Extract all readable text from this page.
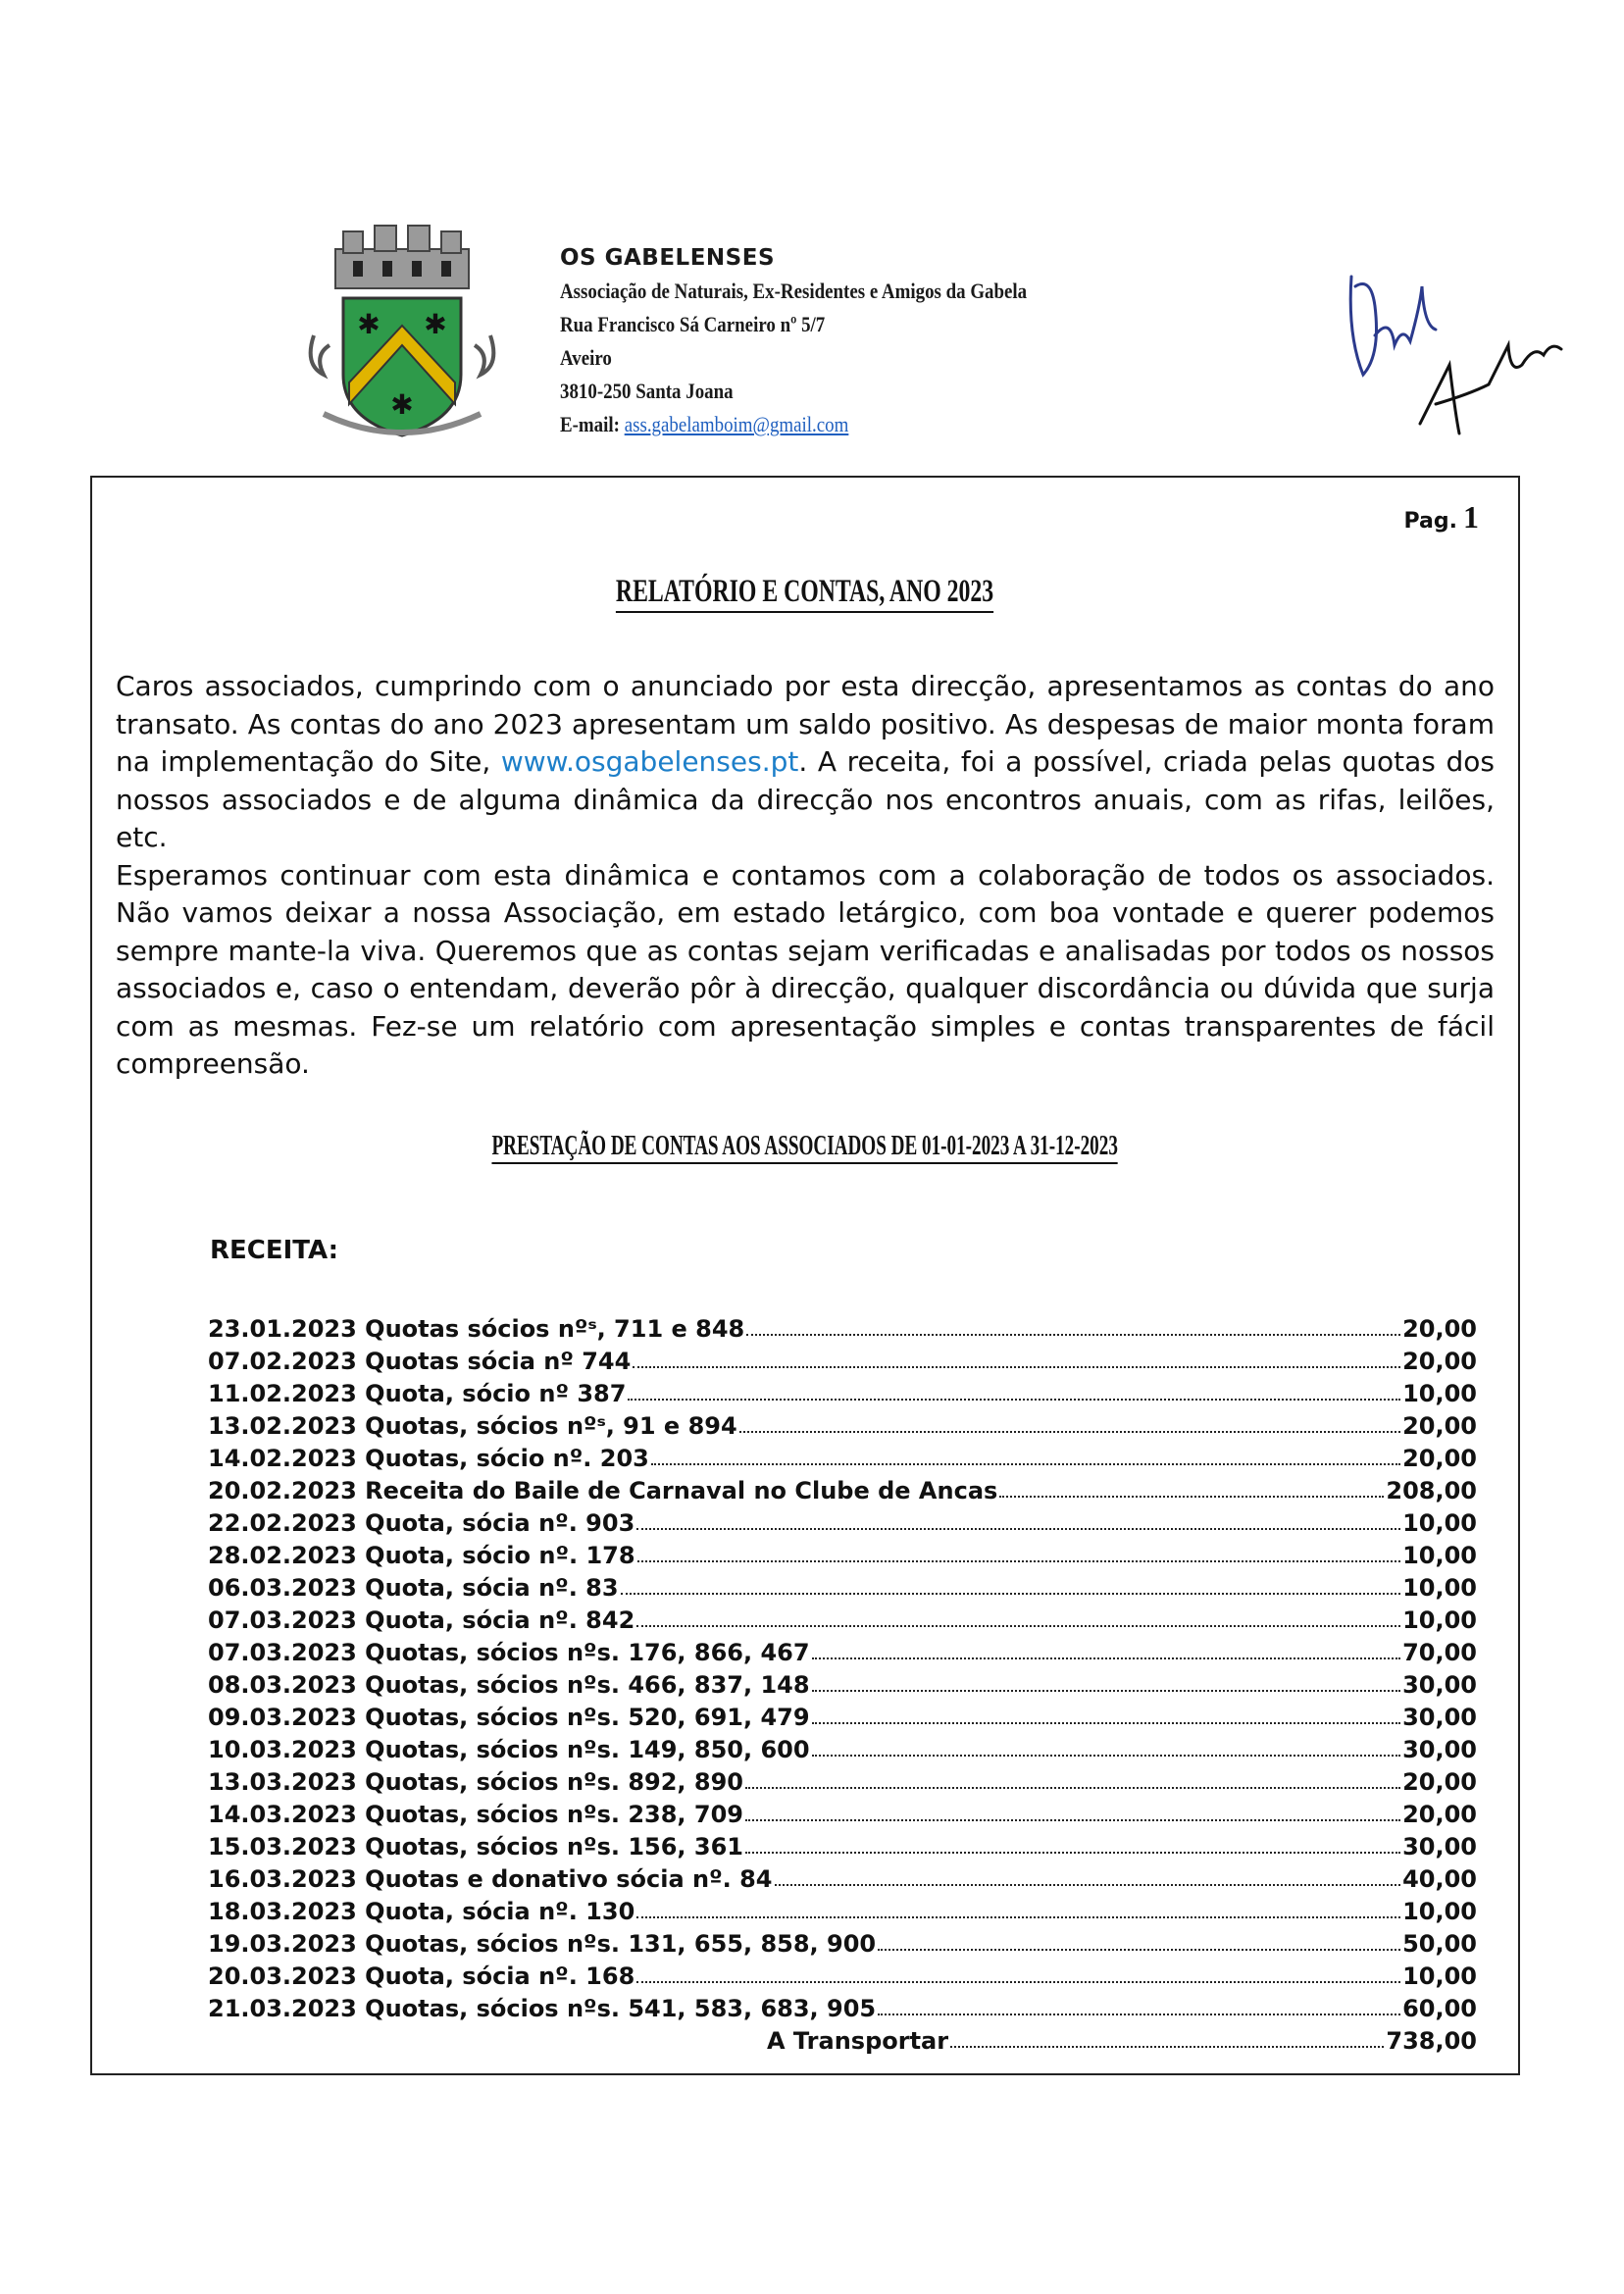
✱ ✱
✱
OS GABELENSES
Associação de Naturais, Ex-Residentes e Amigos da Gabela
Rua Francisco Sá Carneiro nº 5/7
Aveiro
3810-250 Santa Joana
E-mail: ass.gabelamboim@gmail.com
Pag. 1
RELATÓRIO E CONTAS, ANO 2023

Caros associados, cumprindo com o anunciado por esta direcção, apresentamos as contas do ano transato. As contas do ano 2023 apresentam um saldo positivo. As despesas de maior monta foram na implementação do Site, www.osgabelenses.pt. A receita, foi a possível, criada pelas quotas dos nossos associados e de alguma dinâmica da direcção nos encontros anuais, com as rifas, leilões, etc.

Esperamos continuar com esta dinâmica e contamos com a colaboração de todos os associados. Não vamos deixar a nossa Associação, em estado letárgico, com boa vontade e querer podemos sempre mante-la viva. Queremos que as contas sejam verificadas e analisadas por todos os nossos associados e, caso o entendam, deverão pôr à direcção, qualquer discordância ou dúvida que surja com as mesmas. Fez-se um relatório com apresentação simples e contas transparentes de fácil compreensão.

PRESTAÇÃO DE CONTAS AOS ASSOCIADOS DE 01-01-2023 A 31-12-2023
RECEITA:
23.01.2023 Quotas sócios nºˢ, 711 e 848	20,00
07.02.2023 Quotas sócia nº 744	20,00
11.02.2023 Quota, sócio nº 387	10,00
13.02.2023 Quotas, sócios nºˢ, 91 e 894	20,00
14.02.2023 Quotas, sócio nº. 203	20,00
20.02.2023 Receita do Baile de Carnaval no Clube de Ancas	208,00
22.02.2023 Quota, sócia nº. 903	10,00
28.02.2023 Quota, sócio nº. 178	10,00
06.03.2023 Quota, sócia nº. 83	10,00
07.03.2023 Quota, sócia nº. 842	10,00
07.03.2023 Quotas, sócios nºs. 176, 866, 467	70,00
08.03.2023 Quotas, sócios nºs. 466, 837, 148	30,00
09.03.2023 Quotas, sócios nºs. 520, 691, 479	30,00
10.03.2023 Quotas, sócios nºs. 149, 850, 600	30,00
13.03.2023 Quotas, sócios nºs. 892, 890	20,00
14.03.2023 Quotas, sócios nºs. 238, 709	20,00
15.03.2023 Quotas, sócios nºs. 156, 361	30,00
16.03.2023 Quotas e donativo sócia nº. 84	40,00
18.03.2023 Quota, sócia nº. 130	10,00
19.03.2023 Quotas, sócios nºs. 131, 655, 858, 900	50,00
20.03.2023 Quota, sócia nº. 168	10,00
21.03.2023 Quotas, sócios nºs. 541, 583, 683, 905	60,00
A Transportar	738,00
